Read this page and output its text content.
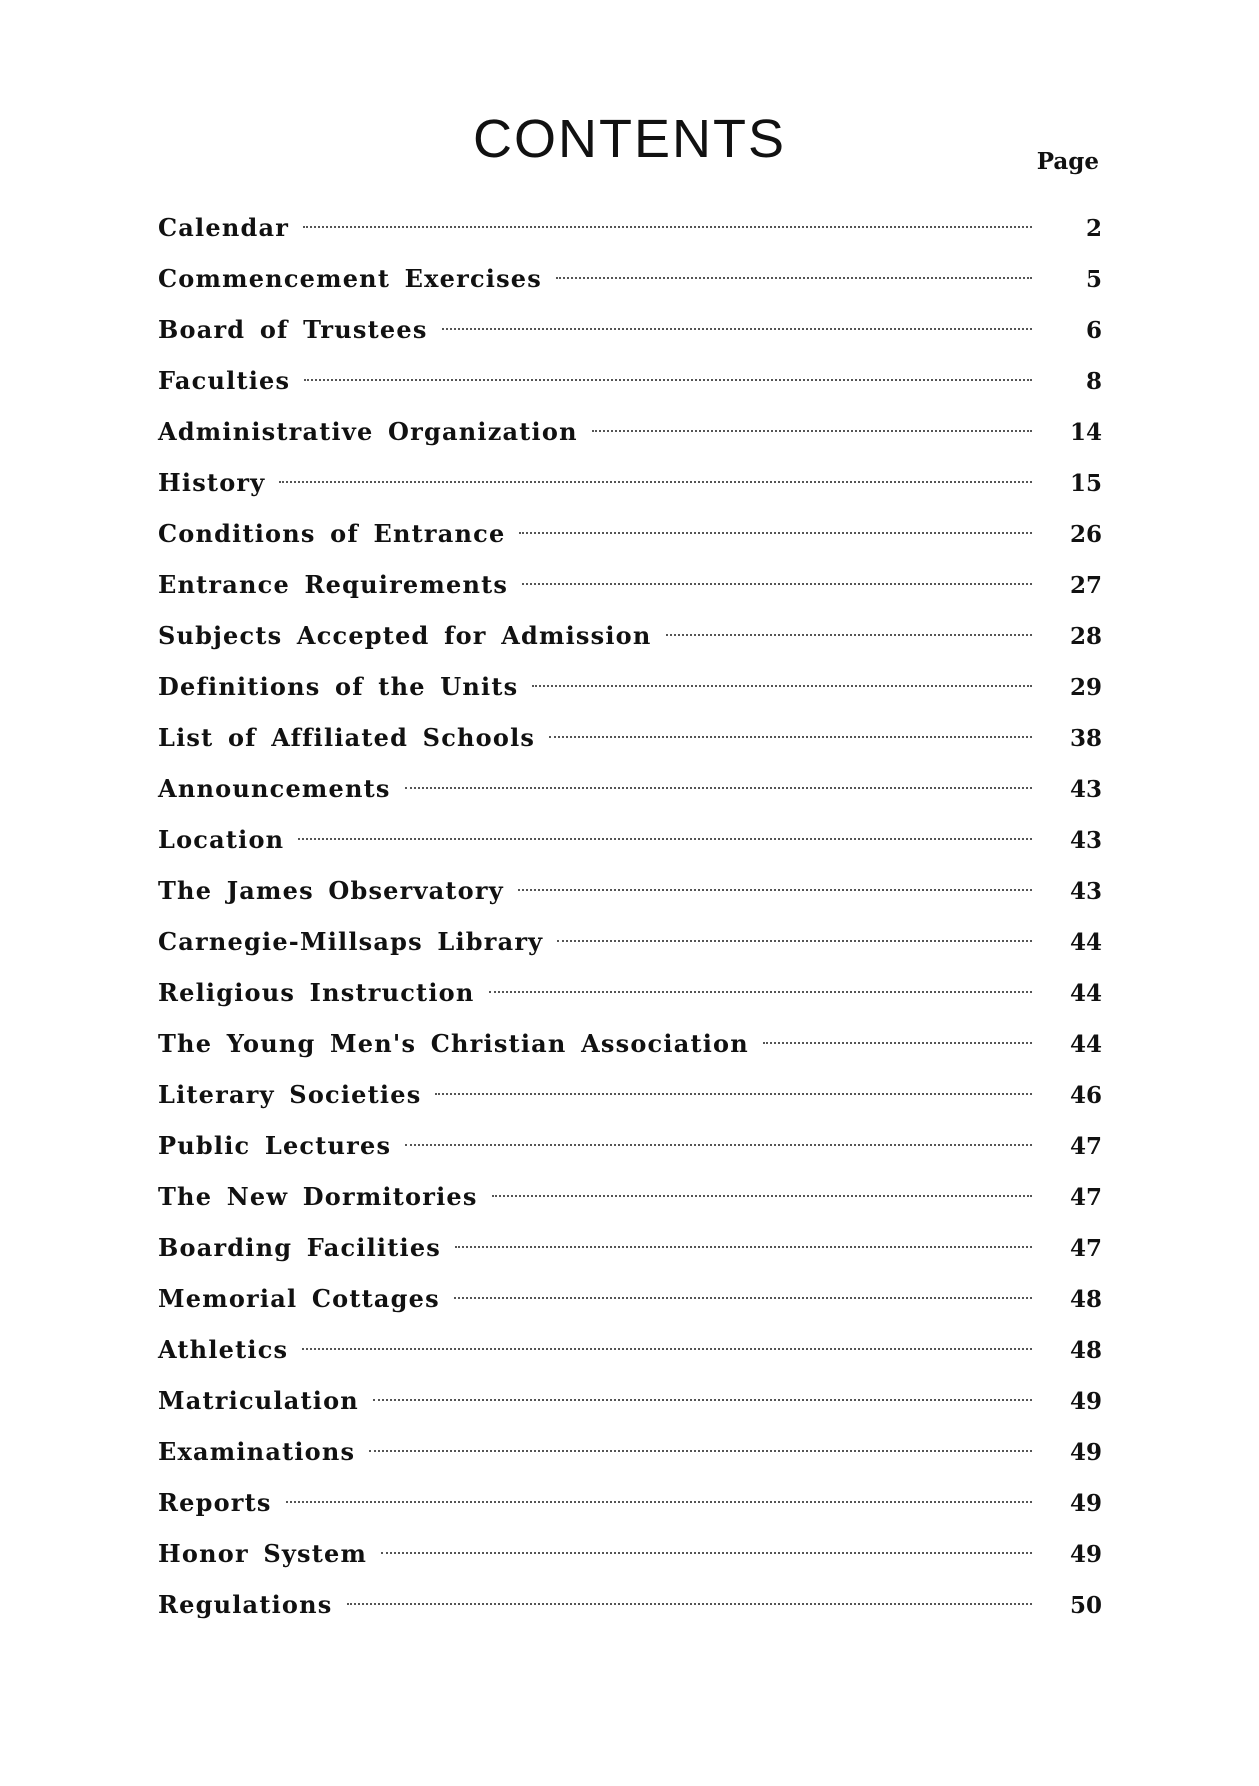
CONTENTS	Page
Calendar	2
Commencement Exercises	5
Board of Trustees	6
Faculties	8
Administrative Organization	14
History	15
Conditions of Entrance	26
Entrance Requirements	27
Subjects Accepted for Admission	28
Definitions of the Units	29
List of Affiliated Schools	38
Announcements	43
Location	43
The James Observatory	43
Carnegie-Millsaps Library	44
Religious Instruction	44
The Young Men's Christian Association	44
Literary Societies	46
Public Lectures	47
The New Dormitories	47
Boarding Facilities	47
Memorial Cottages	48
Athletics	48
Matriculation	49
Examinations	49
Reports	49
Honor System	49
Regulations	50
